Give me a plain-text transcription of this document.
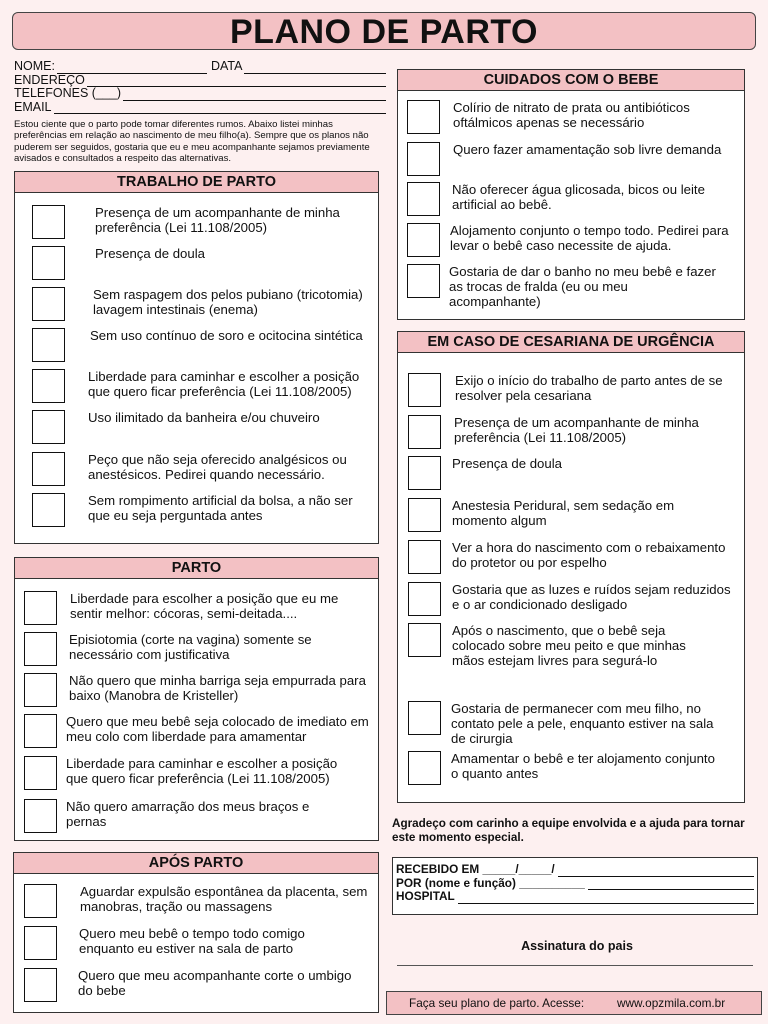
PLANO DE PARTO
NOME:	DATA
ENDEREÇO
TELEFONES (___)
EMAIL
Estou ciente que o parto pode tomar diferentes rumos. Abaixo listei minhas preferências em relação ao nascimento de meu filho(a). Sempre que os planos não puderem ser seguidos, gostaria que eu e meu acompanhante sejamos previamente avisados e consultados a respeito das alternativas.
TRABALHO DE PARTO
Presença de um acompanhante de minha preferência (Lei 11.108/2005)
Presença de doula
Sem raspagem dos pelos pubiano (tricotomia) lavagem intestinais (enema)
Sem uso contínuo de soro e ocitocina sintética
Liberdade para caminhar e escolher a posição que quero ficar preferência (Lei 11.108/2005)
Uso ilimitado da banheira e/ou chuveiro
Peço que não seja oferecido analgésicos ou anestésicos. Pedirei quando necessário.
Sem rompimento artificial da bolsa, a não ser que eu seja perguntada antes
PARTO
Liberdade para escolher a posição que eu me sentir melhor: cócoras, semi-deitada....
Episiotomia (corte na vagina) somente se necessário com justificativa
Não quero que minha barriga seja empurrada para baixo (Manobra de Kristeller)
Quero que meu bebê seja colocado de imediato em meu colo com liberdade para amamentar
Liberdade para caminhar e escolher a posição que quero ficar preferência (Lei 11.108/2005)
Não quero amarração dos meus braços e pernas
APÓS PARTO
Aguardar expulsão espontânea da placenta, sem manobras, tração ou massagens
Quero meu bebê o tempo todo comigo enquanto eu estiver na sala de parto
Quero que meu acompanhante corte o umbigo do bebe
CUIDADOS COM O BEBE
Colírio de nitrato de prata ou antibióticos oftálmicos apenas se necessário
Quero fazer amamentação sob livre demanda
Não oferecer água glicosada, bicos ou leite artificial ao bebê.
Alojamento conjunto o tempo todo. Pedirei para levar o bebê caso necessite de ajuda.
Gostaria de dar o banho no meu bebê e fazer as trocas de fralda (eu ou meu acompanhante)
EM CASO DE CESARIANA DE URGÊNCIA
Exijo o início do trabalho de parto antes de se resolver pela cesariana
Presença de um acompanhante de minha preferência (Lei 11.108/2005)
Presença de doula
Anestesia Peridural, sem sedação em momento algum
Ver a hora do nascimento com o rebaixamento do protetor ou por espelho
Gostaria que as luzes e ruídos sejam reduzidos e o ar condicionado desligado
Após o nascimento, que o bebê seja colocado sobre meu peito e que minhas mãos estejam livres para segurá-lo
Gostaria de permanecer com meu filho, no contato pele a pele, enquanto estiver na sala de cirurgia
Amamentar o bebê e ter alojamento conjunto o quanto antes
Agradeço com carinho a equipe envolvida e a ajuda para tornar este momento especial.
RECEBIDO EM _____/_____/
POR (nome e função) __________
HOSPITAL
Assinatura do pais
Faça seu plano de parto. Acesse:	www.opzmila.com.br
